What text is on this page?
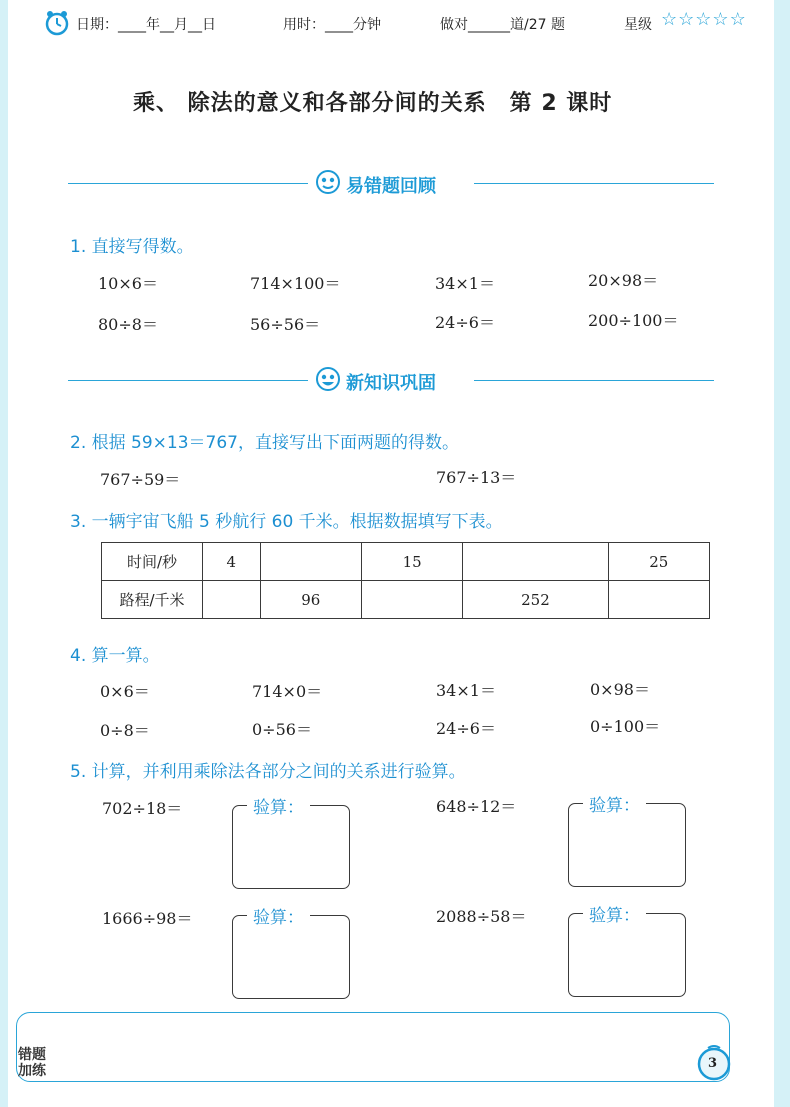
日期：____年__月__日	用时：____分钟	做对______道/27 题	星级 ☆☆☆☆☆
乘、 除法的意义和各部分间的关系　第 2 课时
易错题回顾
1. 直接写得数。
10×6＝	714×100＝	34×1＝	20×98＝
80÷8＝	56÷56＝	24÷6＝	200÷100＝
新知识巩固
2. 根据 59×13＝767，直接写出下面两题的得数。
767÷59＝	767÷13＝
3. 一辆宇宙飞船 5 秒航行 60 千米。根据数据填写下表。
时间/秒	4		15		25
路程/千米		96		252	
4. 算一算。
0×6＝	714×0＝	34×1＝	0×98＝
0÷8＝	0÷56＝	24÷6＝	0÷100＝
5. 计算，并利用乘除法各部分之间的关系进行验算。
702÷18＝	648÷12＝
1666÷98＝	2088÷58＝
验算：	验算：
验算：	验算：
错题
加练	3
